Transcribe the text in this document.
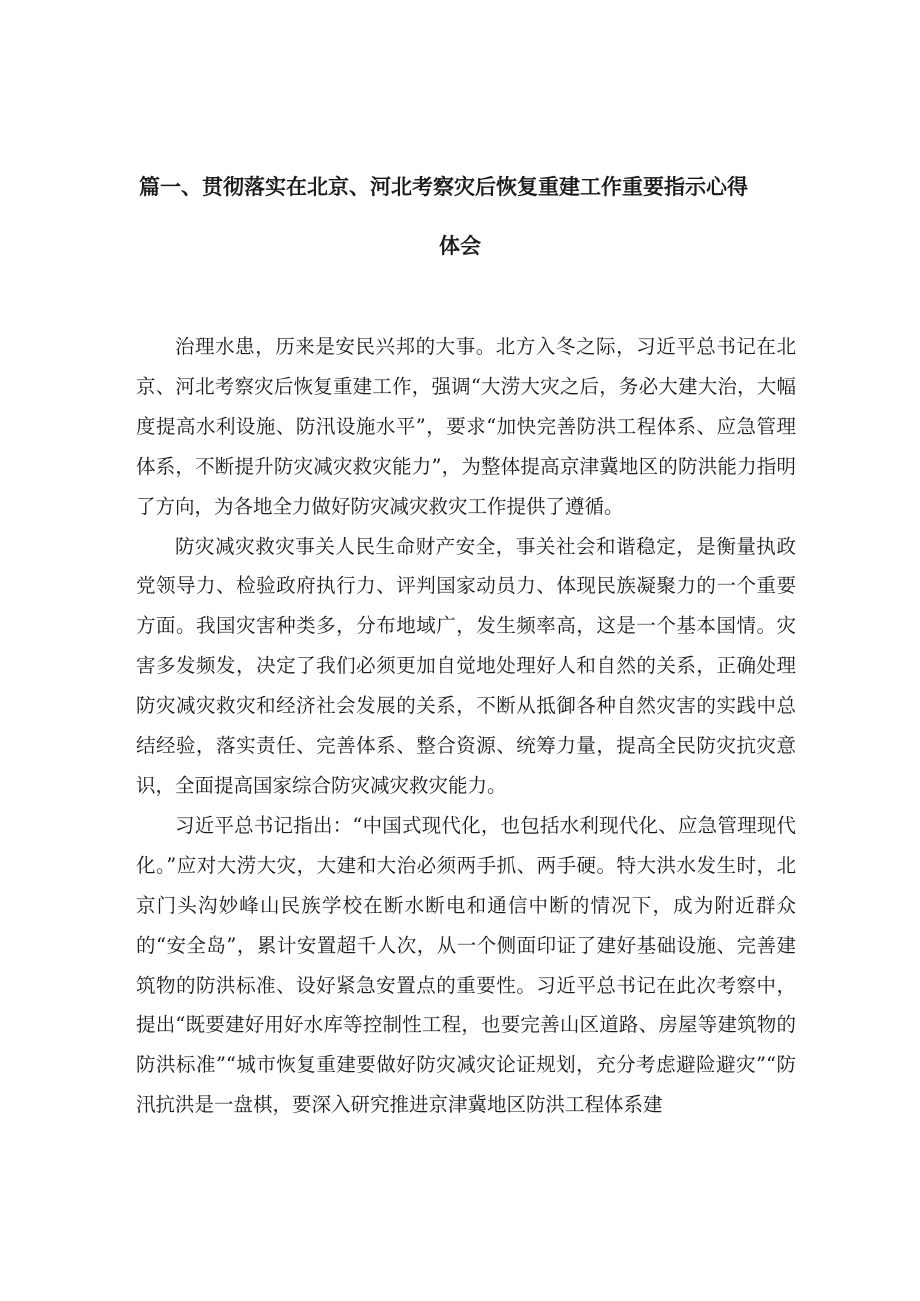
篇一、贯彻落实在北京、河北考察灾后恢复重建工作重要指示心得
体会

治理水患，历来是安民兴邦的大事。北方入冬之际，习近平总书记在北京、河北考察灾后恢复重建工作，强调“大涝大灾之后，务必大建大治，大幅度提高水利设施、防汛设施水平”，要求“加快完善防洪工程体系、应急管理体系，不断提升防灾减灾救灾能力”，为整体提高京津冀地区的防洪能力指明了方向，为各地全力做好防灾减灾救灾工作提供了遵循。

防灾减灾救灾事关人民生命财产安全，事关社会和谐稳定，是衡量执政党领导力、检验政府执行力、评判国家动员力、体现民族凝聚力的一个重要方面。我国灾害种类多，分布地域广，发生频率高，这是一个基本国情。灾害多发频发，决定了我们必须更加自觉地处理好人和自然的关系，正确处理防灾减灾救灾和经济社会发展的关系，不断从抵御各种自然灾害的实践中总结经验，落实责任、完善体系、整合资源、统筹力量，提高全民防灾抗灾意识，全面提高国家综合防灾减灾救灾能力。

习近平总书记指出：“中国式现代化，也包括水利现代化、应急管理现代化。”应对大涝大灾，大建和大治必须两手抓、两手硬。特大洪水发生时，北京门头沟妙峰山民族学校在断水断电和通信中断的情况下，成为附近群众的“安全岛”，累计安置超千人次，从一个侧面印证了建好基础设施、完善建筑物的防洪标准、设好紧急安置点的重要性。习近平总书记在此次考察中，提出“既要建好用好水库等控制性工程，也要完善山区道路、房屋等建筑物的防洪标准”“城市恢复重建要做好防灾减灾论证规划，充分考虑避险避灾”“防汛抗洪是一盘棋，要深入研究推进京津冀地区防洪工程体系建
